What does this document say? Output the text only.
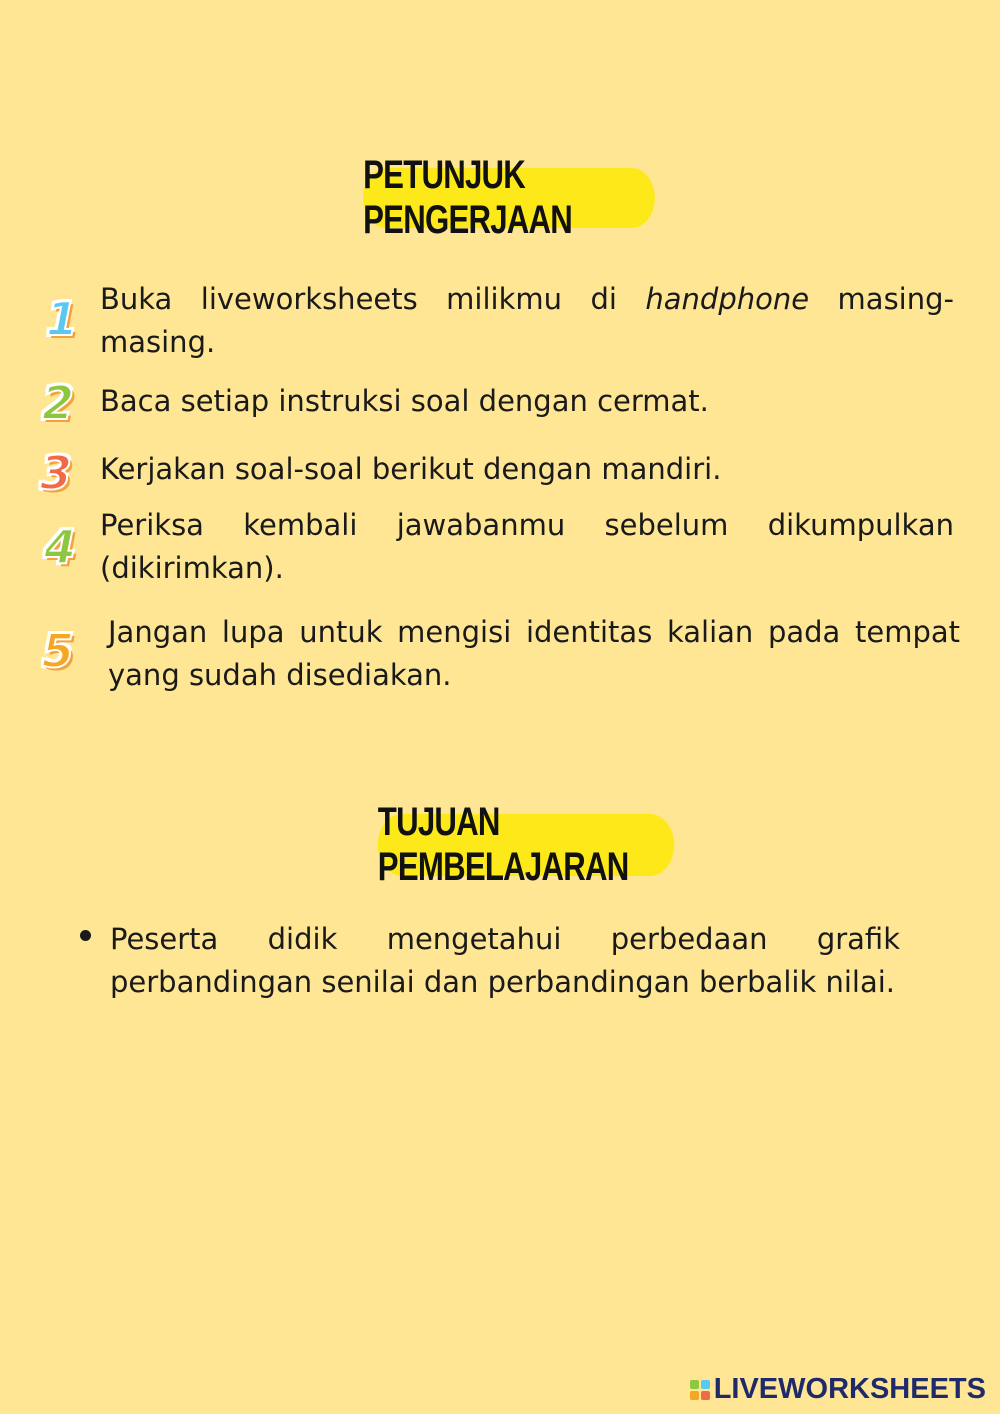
PETUNJUK PENGERJAAN
1 Buka liveworksheets milikmu di handphone masing-masing.
2 Baca setiap instruksi soal dengan cermat.
3 Kerjakan soal-soal berikut dengan mandiri.
4 Periksa kembali jawabanmu sebelum dikumpulkan (dikirimkan).
5 Jangan lupa untuk mengisi identitas kalian pada tempat yang sudah disediakan.
TUJUAN PEMBELAJARAN
Peserta didik mengetahui perbedaan grafik perbandingan senilai dan perbandingan berbalik nilai.
LIVEWORKSHEETS
